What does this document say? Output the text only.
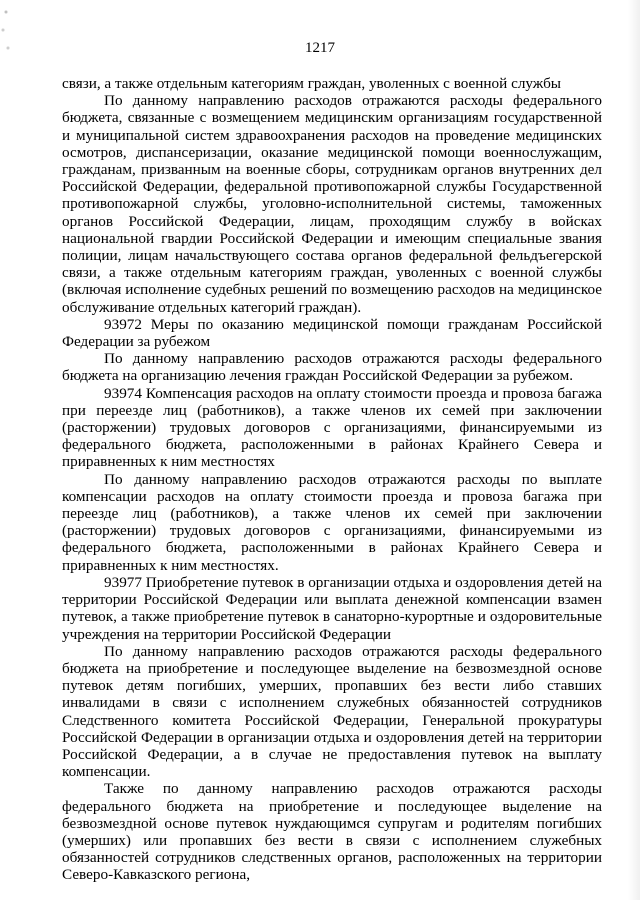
1217

связи, а также отдельным категориям граждан, уволенных с военной службы

По данному направлению расходов отражаются расходы федерального бюджета, связанные с возмещением медицинским организациям государственной и муниципальной систем здравоохранения расходов на проведение медицинских осмотров, диспансеризации, оказание медицинской помощи военнослужащим, гражданам, призванным на военные сборы, сотрудникам органов внутренних дел Российской Федерации, федеральной противопожарной службы Государственной противопожарной службы, уголовно-исполнительной системы, таможенных органов Российской Федерации, лицам, проходящим службу в войсках национальной гвардии Российской Федерации и имеющим специальные звания полиции, лицам начальствующего состава органов федеральной фельдъегерской связи, а также отдельным категориям граждан, уволенных с военной службы (включая исполнение судебных решений по возмещению расходов на медицинское обслуживание отдельных категорий граждан).

93972 Меры по оказанию медицинской помощи гражданам Российской Федерации за рубежом

По данному направлению расходов отражаются расходы федерального бюджета на организацию лечения граждан Российской Федерации за рубежом.

93974 Компенсация расходов на оплату стоимости проезда и провоза багажа при переезде лиц (работников), а также членов их семей при заключении (расторжении) трудовых договоров с организациями, финансируемыми из федерального бюджета, расположенными в районах Крайнего Севера и приравненных к ним местностях

По данному направлению расходов отражаются расходы по выплате компенсации расходов на оплату стоимости проезда и провоза багажа при переезде лиц (работников), а также членов их семей при заключении (расторжении) трудовых договоров с организациями, финансируемыми из федерального бюджета, расположенными в районах Крайнего Севера и приравненных к ним местностях.

93977 Приобретение путевок в организации отдыха и оздоровления детей на территории Российской Федерации или выплата денежной компенсации взамен путевок, а также приобретение путевок в санаторно-курортные и оздоровительные учреждения на территории Российской Федерации

По данному направлению расходов отражаются расходы федерального бюджета на приобретение и последующее выделение на безвозмездной основе путевок детям погибших, умерших, пропавших без вести либо ставших инвалидами в связи с исполнением служебных обязанностей сотрудников Следственного комитета Российской Федерации, Генеральной прокуратуры Российской Федерации в организации отдыха и оздоровления детей на территории Российской Федерации, а в случае не предоставления путевок на выплату компенсации.

Также по данному направлению расходов отражаются расходы федерального бюджета на приобретение и последующее выделение на безвозмездной основе путевок нуждающимся супругам и родителям погибших (умерших) или пропавших без вести в связи с исполнением служебных обязанностей сотрудников следственных органов, расположенных на территории Северо-Кавказского региона,
